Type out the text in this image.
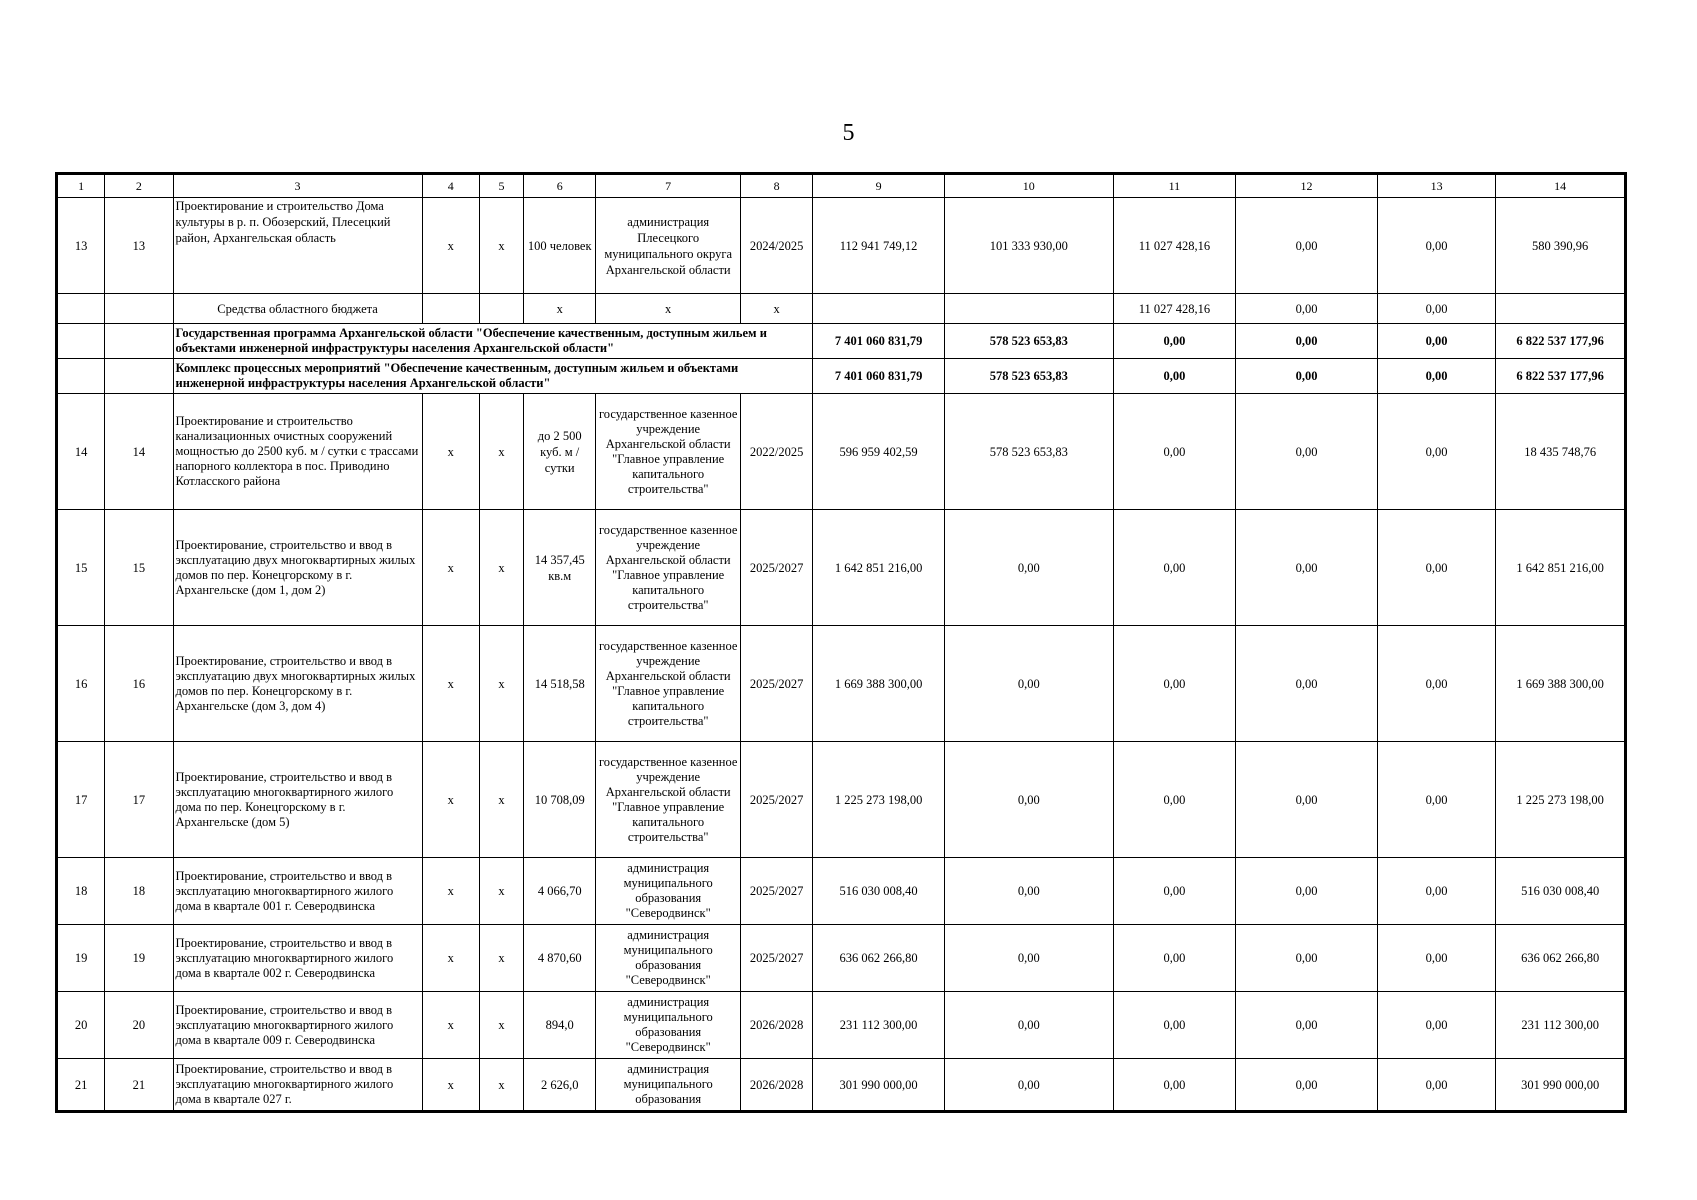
5
1	2	3	4	5	6	7	8	9	10	11	12	13	14
13	13	Проектирование и строительство Дома культуры в р. п. Обозерский, Плесецкий район, Архангельская область	х	х	100 человек	администрация Плесецкого муниципального округа Архангельской области	2024/2025	112 941 749,12	101 333 930,00	11 027 428,16	0,00	0,00	580 390,96
		Средства областного бюджета			х	х	х			11 027 428,16	0,00	0,00	
		Государственная программа Архангельской области "Обеспечение качественным, доступным жильем и объектами инженерной инфраструктуры населения Архангельской области"						7 401 060 831,79	578 523 653,83	0,00	0,00	0,00	6 822 537 177,96
		Комплекс процессных мероприятий "Обеспечение качественным, доступным жильем и объектами инженерной инфраструктуры населения Архангельской области"						7 401 060 831,79	578 523 653,83	0,00	0,00	0,00	6 822 537 177,96
14	14	Проектирование и строительство канализационных очистных сооружений мощностью до 2500 куб. м / сутки с трассами напорного коллектора в пос. Приводино Котласского района	х	х	до 2 500 куб. м / сутки	государственное казенное учреждение Архангельской области "Главное управление капитального строительства"	2022/2025	596 959 402,59	578 523 653,83	0,00	0,00	0,00	18 435 748,76
15	15	Проектирование, строительство и ввод в эксплуатацию двух многоквартирных жилых домов по пер. Конецгорскому в г. Архангельске (дом 1, дом 2)	х	х	14 357,45 кв.м	государственное казенное учреждение Архангельской области "Главное управление капитального строительства"	2025/2027	1 642 851 216,00	0,00	0,00	0,00	0,00	1 642 851 216,00
16	16	Проектирование, строительство и ввод в эксплуатацию двух многоквартирных жилых домов по пер. Конецгорскому в г. Архангельске (дом 3, дом 4)	х	х	14 518,58	государственное казенное учреждение Архангельской области "Главное управление капитального строительства"	2025/2027	1 669 388 300,00	0,00	0,00	0,00	0,00	1 669 388 300,00
17	17	Проектирование, строительство и ввод в эксплуатацию многоквартирного жилого дома по пер. Конецгорскому в г. Архангельске (дом 5)	х	х	10 708,09	государственное казенное учреждение Архангельской области "Главное управление капитального строительства"	2025/2027	1 225 273 198,00	0,00	0,00	0,00	0,00	1 225 273 198,00
18	18	Проектирование, строительство и ввод в эксплуатацию многоквартирного жилого дома в квартале 001 г. Северодвинска	х	х	4 066,70	администрация муниципального образования "Северодвинск"	2025/2027	516 030 008,40	0,00	0,00	0,00	0,00	516 030 008,40
19	19	Проектирование, строительство и ввод в эксплуатацию многоквартирного жилого дома в квартале 002 г. Северодвинска	х	х	4 870,60	администрация муниципального образования "Северодвинск"	2025/2027	636 062 266,80	0,00	0,00	0,00	0,00	636 062 266,80
20	20	Проектирование, строительство и ввод в эксплуатацию многоквартирного жилого дома в квартале 009 г. Северодвинска	х	х	894,0	администрация муниципального образования "Северодвинск"	2026/2028	231 112 300,00	0,00	0,00	0,00	0,00	231 112 300,00
21	21	Проектирование, строительство и ввод в эксплуатацию многоквартирного жилого дома в квартале 027 г.	х	х	2 626,0	администрация муниципального образования	2026/2028	301 990 000,00	0,00	0,00	0,00	0,00	301 990 000,00
